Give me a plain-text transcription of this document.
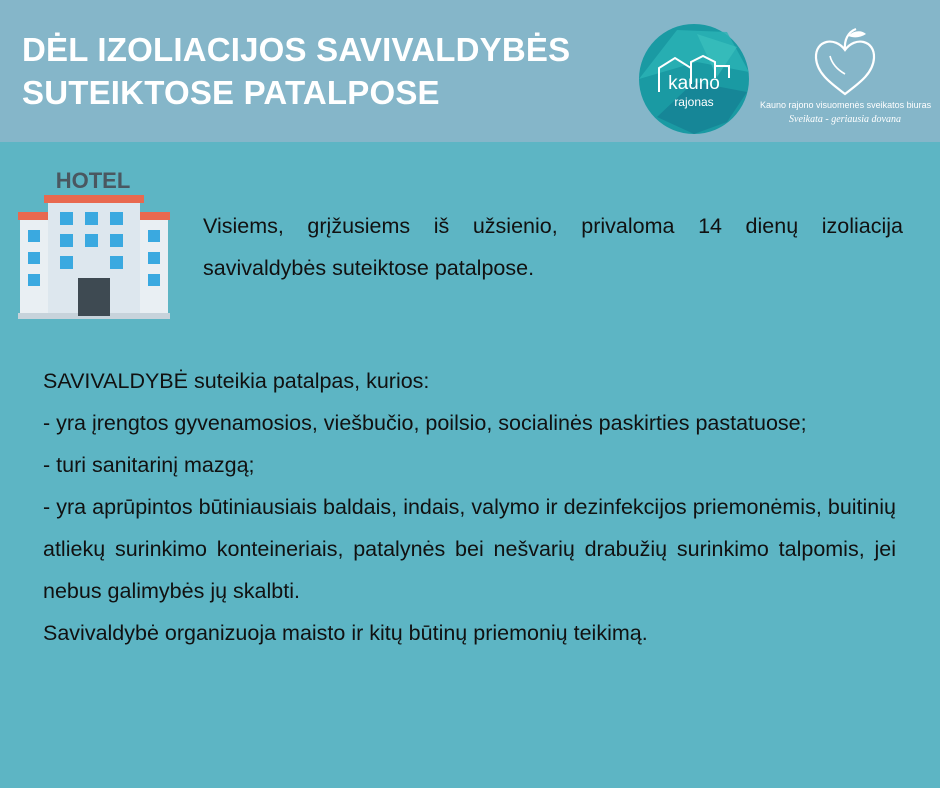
DĖL IZOLIACIJOS SAVIVALDYBĖS
SUTEIKTOSE PATALPOSE	kauno
rajonas	Kauno rajono visuomenės sveikatos biuras
Sveikata - geriausia dovana
HOTEL
Visiems, grįžusiems iš užsienio, privaloma 14 dienų izoliacija savivaldybės suteiktose patalpose.
SAVIVALDYBĖ suteikia patalpas, kurios:
- yra įrengtos gyvenamosios, viešbučio, poilsio, socialinės paskirties pastatuose;
- turi sanitarinį mazgą;
- yra aprūpintos būtiniausiais baldais, indais, valymo ir dezinfekcijos priemonėmis, buitinių atliekų surinkimo konteineriais, patalynės bei nešvarių drabužių surinkimo talpomis, jei nebus galimybės jų skalbti.
Savivaldybė organizuoja maisto ir kitų būtinų priemonių teikimą.
